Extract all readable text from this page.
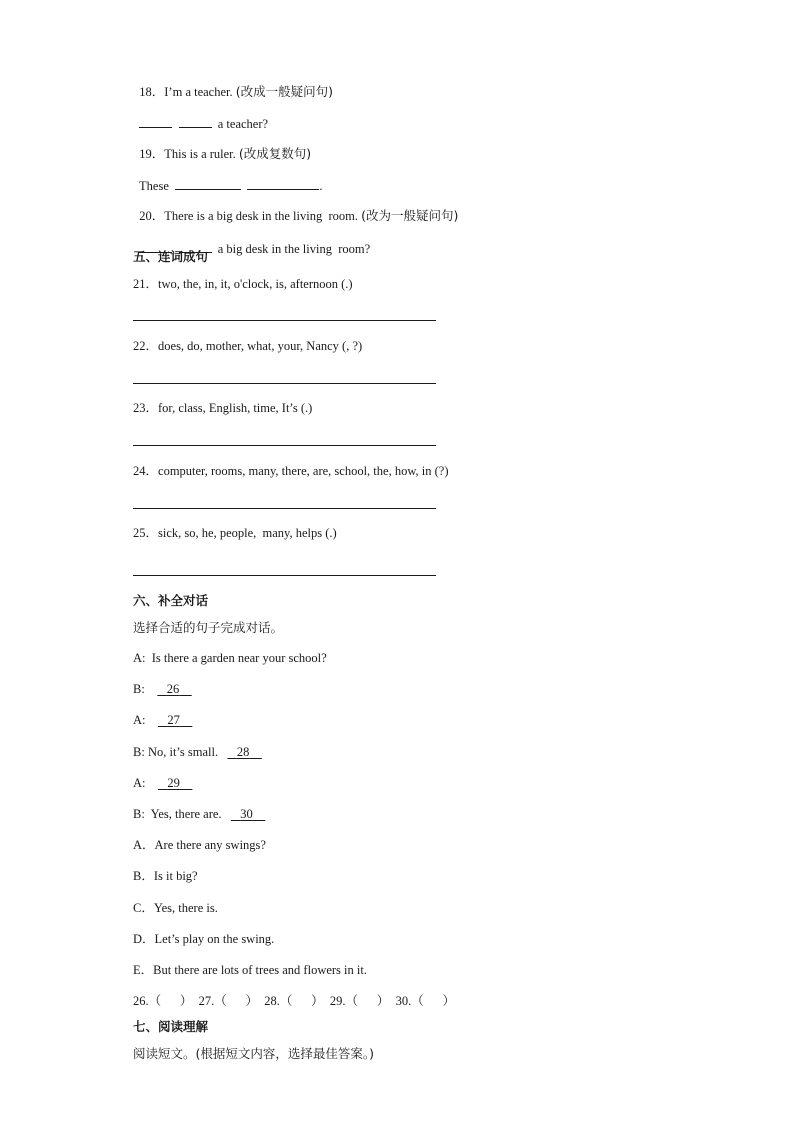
18．I’m a teacher. (改成一般疑问句)

a teacher?

19．This is a ruler. (改成复数句)

These	.

20．There is a big desk in the living  room. (改为一般疑问句)

a big desk in the living  room?

五、连词成句
21．two, the, in, it, o'clock, is, afternoon (.)
22．does, do, mother, what, your, Nancy (, ?)
23．for, class, English, time, It’s (.)
24．computer, rooms, many, there, are, school, the, how, in (?)
25．sick, so, he, people,  many, helps (.)
六、补全对话
选择合适的句子完成对话。
A: Is there a garden near your school?
B: 26
A: 27
B: No, it’s small. 28
A: 29
B: Yes, there are. 30
A．Are there any swings?
B．Is it big?
C．Yes, there is.
D．Let’s play on the swing.
E．But there are lots of trees and flowers in it.
26.（      ） 27.（      ） 28.（      ） 29.（      ） 30.（      ）
七、阅读理解
阅读短文。(根据短文内容，选择最佳答案。)
